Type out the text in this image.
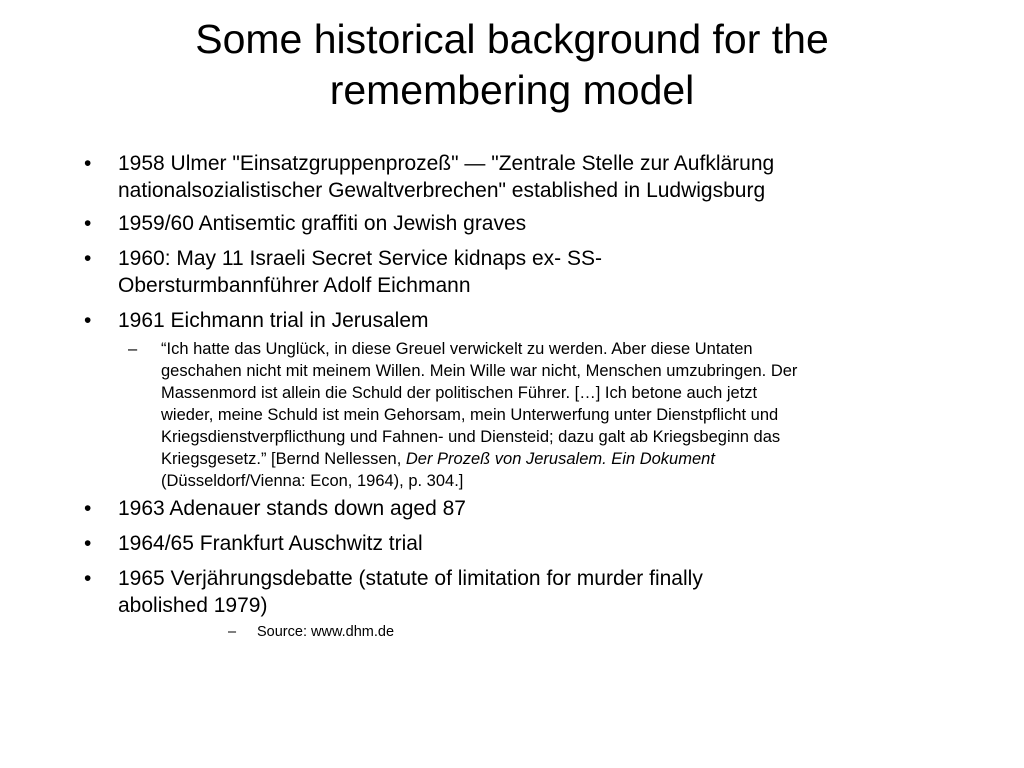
Some historical background for the
remembering model
• 1958 Ulmer "Einsatzgruppenprozeß" — "Zentrale Stelle zur Aufklärung
nationalsozialistischer Gewaltverbrechen" established in Ludwigsburg
• 1959/60 Antisemtic graffiti on Jewish graves
• 1960: May 11 Israeli Secret Service kidnaps ex- SS-
Obersturmbannführer Adolf Eichmann
• 1961 Eichmann trial in Jerusalem
– “Ich hatte das Unglück, in diese Greuel verwickelt zu werden. Aber diese Untaten
geschahen nicht mit meinem Willen. Mein Wille war nicht, Menschen umzubringen. Der
Massenmord ist allein die Schuld der politischen Führer. […] Ich betone auch jetzt
wieder, meine Schuld ist mein Gehorsam, mein Unterwerfung unter Dienstpflicht und
Kriegsdienstverpflicthung und Fahnen- und Diensteid; dazu galt ab Kriegsbeginn das
Kriegsgesetz.” [Bernd Nellessen, Der Prozeß von Jerusalem. Ein Dokument
(Düsseldorf/Vienna: Econ, 1964), p. 304.]
• 1963 Adenauer stands down aged 87
• 1964/65 Frankfurt Auschwitz trial
• 1965 Verjährungsdebatte (statute of limitation for murder finally
abolished 1979)
– Source: www.dhm.de
